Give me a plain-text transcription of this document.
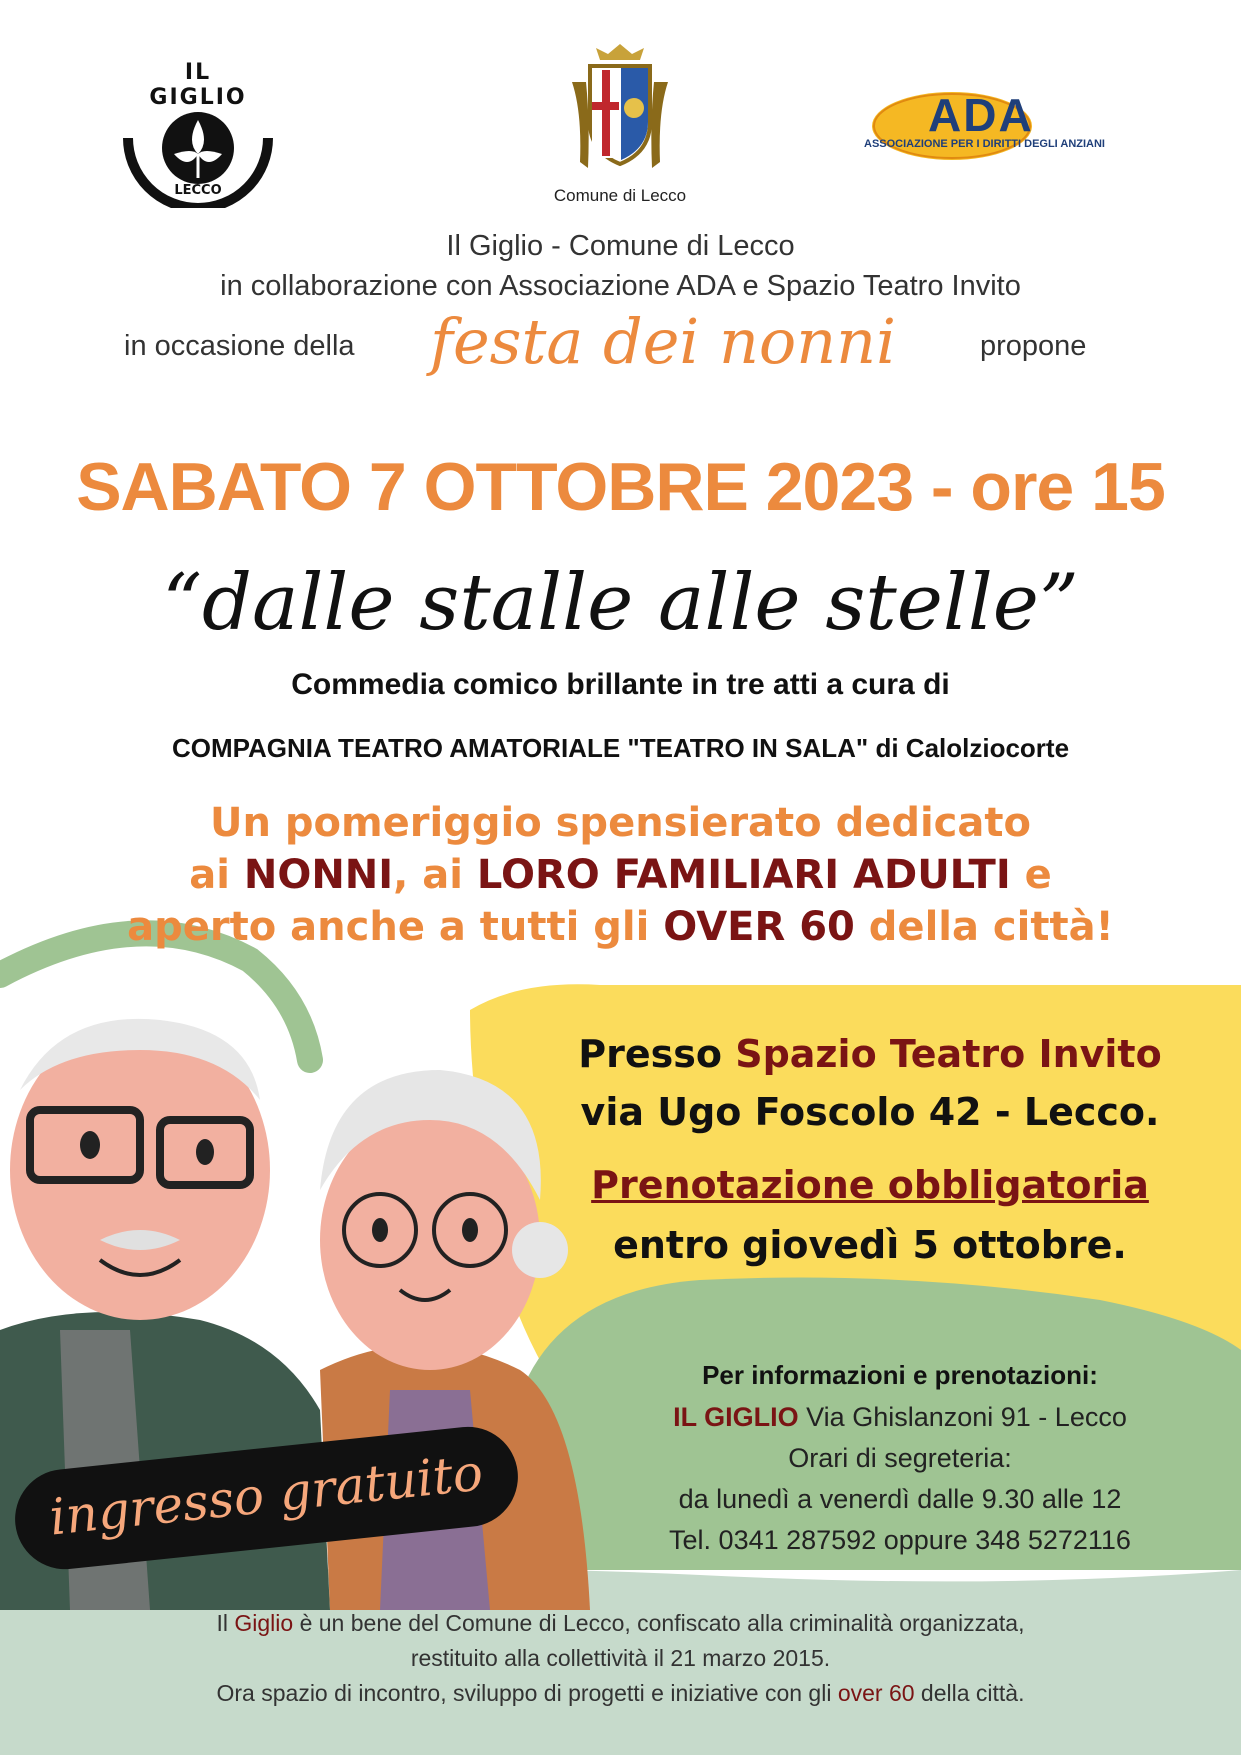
IL GIGLIO
LECCO	Comune di Lecco
ADA
ASSOCIAZIONE PER I DIRITTI DEGLI ANZIANI
Il Giglio - Comune di Lecco
in collaborazione con Associazione ADA e Spazio Teatro Invito
in occasione della festa dei nonni	propone
SABATO 7 OTTOBRE 2023 - ore 15
“dalle stalle alle stelle”
Commedia comico brillante in tre atti a cura di
COMPAGNIA TEATRO AMATORIALE "TEATRO IN SALA" di Calolziocorte
Un pomeriggio spensierato dedicato
ai NONNI, ai LORO FAMILIARI ADULTI e
aperto anche a tutti gli OVER 60 della città!
ingresso gratuito
Presso Spazio Teatro Invito
via Ugo Foscolo 42 - Lecco.
Prenotazione obbligatoria
entro giovedì 5 ottobre.
Per informazioni e prenotazioni:
IL GIGLIO Via Ghislanzoni 91 - Lecco
Orari di segreteria:
da lunedì a venerdì dalle 9.30 alle 12
Tel. 0341 287592 oppure 348 5272116
Il Giglio è un bene del Comune di Lecco, confiscato alla criminalità organizzata,
restituito alla collettività il 21 marzo 2015.
Ora spazio di incontro, sviluppo di progetti e iniziative con gli over 60 della città.
